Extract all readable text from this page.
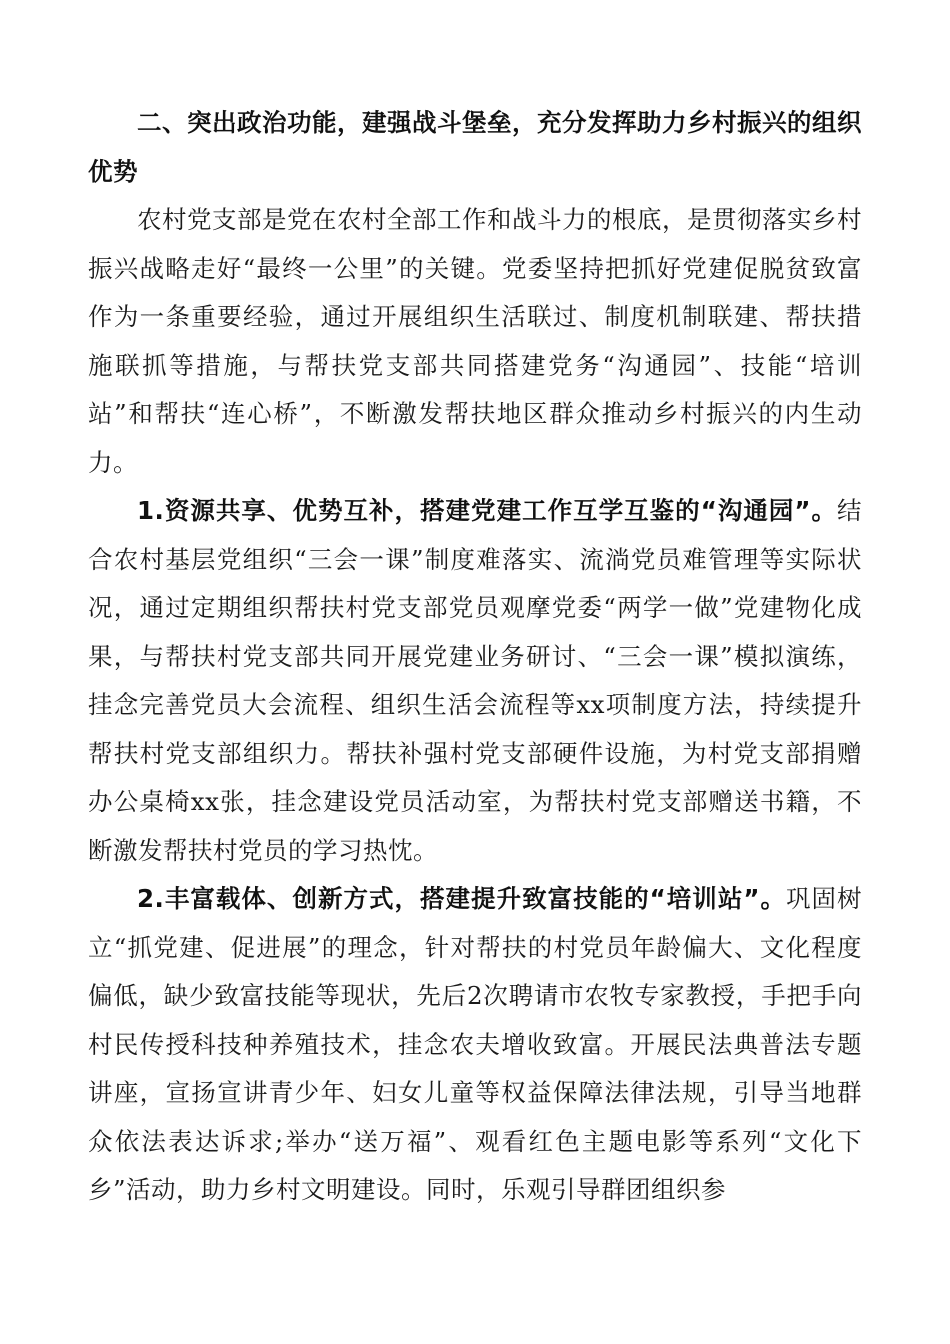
二、突出政治功能，建强战斗堡垒，充分发挥助力乡村振兴的组织优势

农村党支部是党在农村全部工作和战斗力的根底，是贯彻落实乡村振兴战略走好“最终一公里”的关键。党委坚持把抓好党建促脱贫致富作为一条重要经验，通过开展组织生活联过、制度机制联建、帮扶措施联抓等措施，与帮扶党支部共同搭建党务“沟通园”、技能“培训站”和帮扶“连心桥”，不断激发帮扶地区群众推动乡村振兴的内生动力。

1.资源共享、优势互补，搭建党建工作互学互鉴的“沟通园”。结合农村基层党组织“三会一课”制度难落实、流淌党员难管理等实际状况，通过定期组织帮扶村党支部党员观摩党委“两学一做”党建物化成果，与帮扶村党支部共同开展党建业务研讨、“三会一课”模拟演练，挂念完善党员大会流程、组织生活会流程等xx项制度方法，持续提升帮扶村党支部组织力。帮扶补强村党支部硬件设施，为村党支部捐赠办公桌椅xx张，挂念建设党员活动室，为帮扶村党支部赠送书籍，不断激发帮扶村党员的学习热忱。

2.丰富载体、创新方式，搭建提升致富技能的“培训站”。巩固树立“抓党建、促进展”的理念，针对帮扶的村党员年龄偏大、文化程度偏低，缺少致富技能等现状，先后2次聘请市农牧专家教授，手把手向村民传授科技种养殖技术，挂念农夫增收致富。开展民法典普法专题讲座，宣扬宣讲青少年、妇女儿童等权益保障法律法规，引导当地群众依法表达诉求;举办“送万福”、观看红色主题电影等系列“文化下乡”活动，助力乡村文明建设。同时，乐观引导群团组织参
